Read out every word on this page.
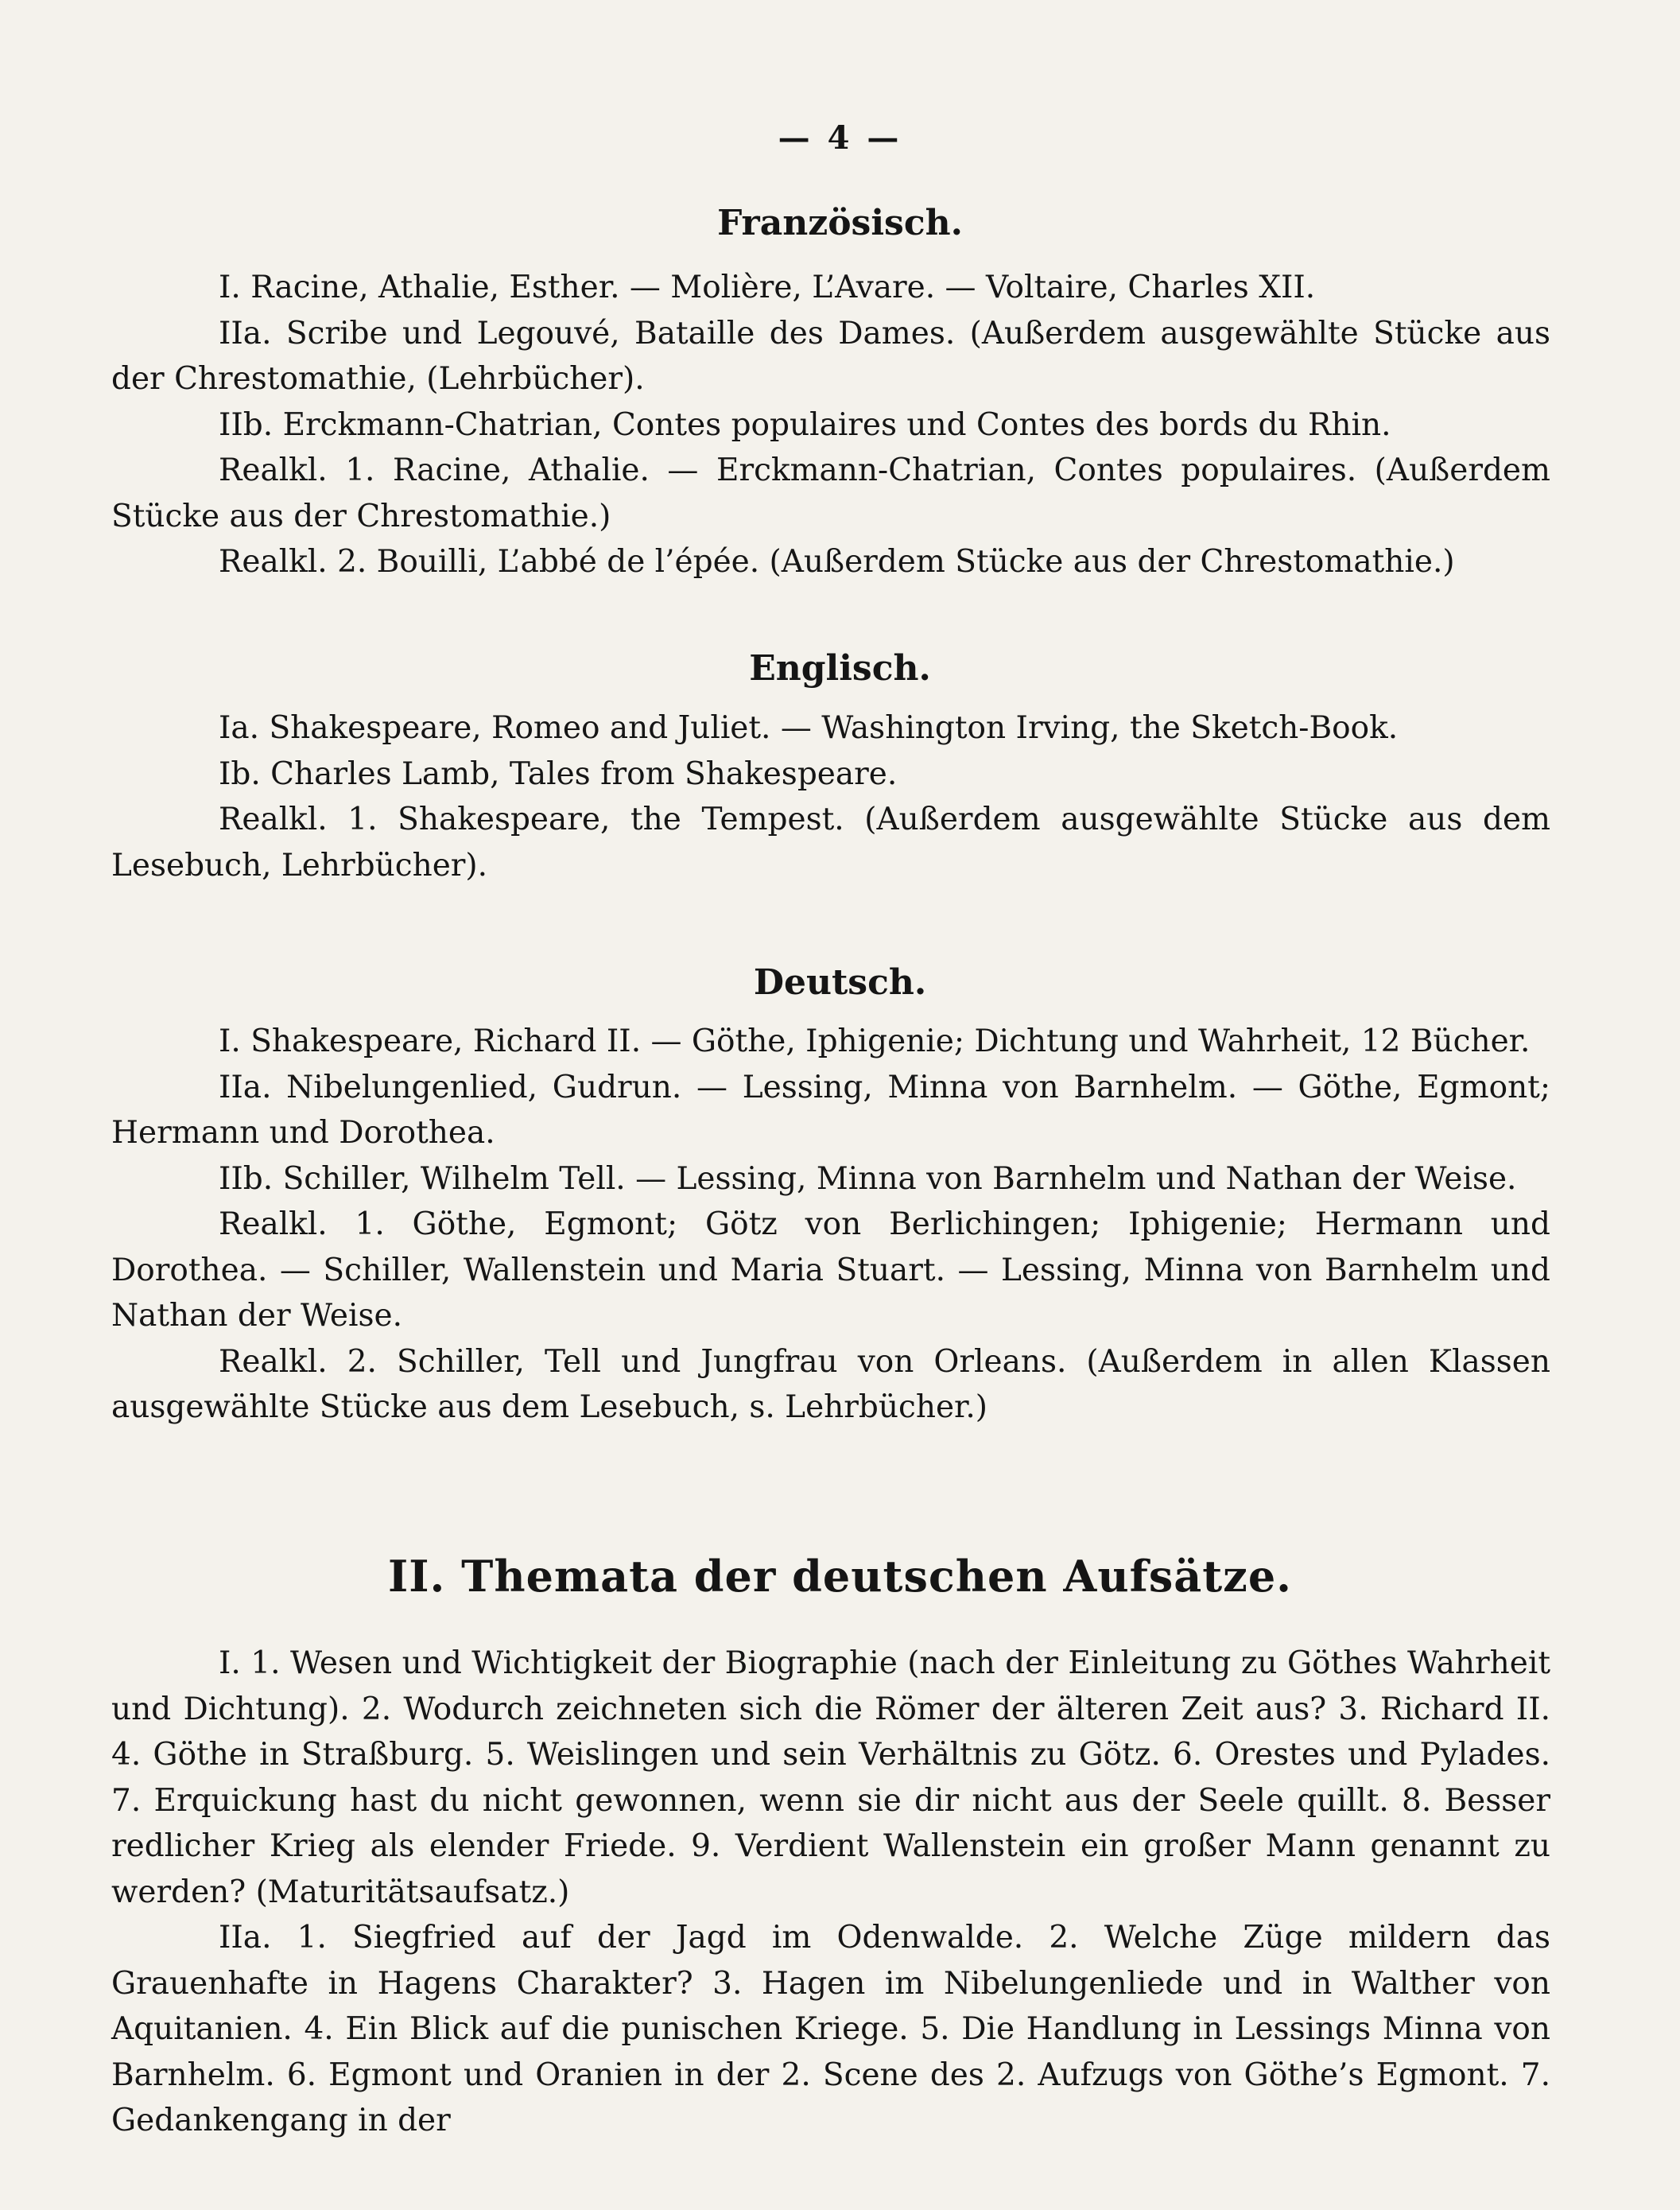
— 4 —
Französisch.

I. Racine, Athalie, Esther. — Molière, L’Avare. — Voltaire, Charles XII.

IIa. Scribe und Legouvé, Bataille des Dames. (Außerdem ausgewählte Stücke aus der Chrestomathie, (Lehrbücher).

IIb. Erckmann-Chatrian, Contes populaires und Contes des bords du Rhin.

Realkl. 1. Racine, Athalie. — Erckmann-Chatrian, Contes populaires. (Außerdem Stücke aus der Chrestomathie.)

Realkl. 2. Bouilli, L’abbé de l’épée. (Außerdem Stücke aus der Chrestomathie.)

Englisch.

Ia. Shakespeare, Romeo and Juliet. — Washington Irving, the Sketch-Book.

Ib. Charles Lamb, Tales from Shakespeare.

Realkl. 1. Shakespeare, the Tempest. (Außerdem ausgewählte Stücke aus dem Lesebuch, Lehrbücher).

Deutsch.

I. Shakespeare, Richard II. — Göthe, Iphigenie; Dichtung und Wahrheit, 12 Bücher.

IIa. Nibelungenlied, Gudrun. — Lessing, Minna von Barnhelm. — Göthe, Egmont; Hermann und Dorothea.

IIb. Schiller, Wilhelm Tell. — Lessing, Minna von Barnhelm und Nathan der Weise.

Realkl. 1. Göthe, Egmont; Götz von Berlichingen; Iphigenie; Hermann und Dorothea. — Schiller, Wallenstein und Maria Stuart. — Lessing, Minna von Barnhelm und Nathan der Weise.

Realkl. 2. Schiller, Tell und Jungfrau von Orleans. (Außerdem in allen Klassen ausgewählte Stücke aus dem Lesebuch, s. Lehrbücher.)

II. Themata der deutschen Aufsätze.

I. 1. Wesen und Wichtigkeit der Biographie (nach der Einleitung zu Göthes Wahrheit und Dichtung). 2. Wodurch zeichneten sich die Römer der älteren Zeit aus? 3. Richard II. 4. Göthe in Straßburg. 5. Weislingen und sein Verhältnis zu Götz. 6. Orestes und Pylades. 7. Erquickung hast du nicht gewonnen, wenn sie dir nicht aus der Seele quillt. 8. Besser redlicher Krieg als elender Friede. 9. Verdient Wallenstein ein großer Mann genannt zu werden? (Maturitätsaufsatz.)

IIa. 1. Siegfried auf der Jagd im Odenwalde. 2. Welche Züge mildern das Grauenhafte in Hagens Charakter? 3. Hagen im Nibelungenliede und in Walther von Aquitanien. 4. Ein Blick auf die punischen Kriege. 5. Die Handlung in Lessings Minna von Barnhelm. 6. Egmont und Oranien in der 2. Scene des 2. Aufzugs von Göthe’s Egmont. 7. Gedankengang in der
